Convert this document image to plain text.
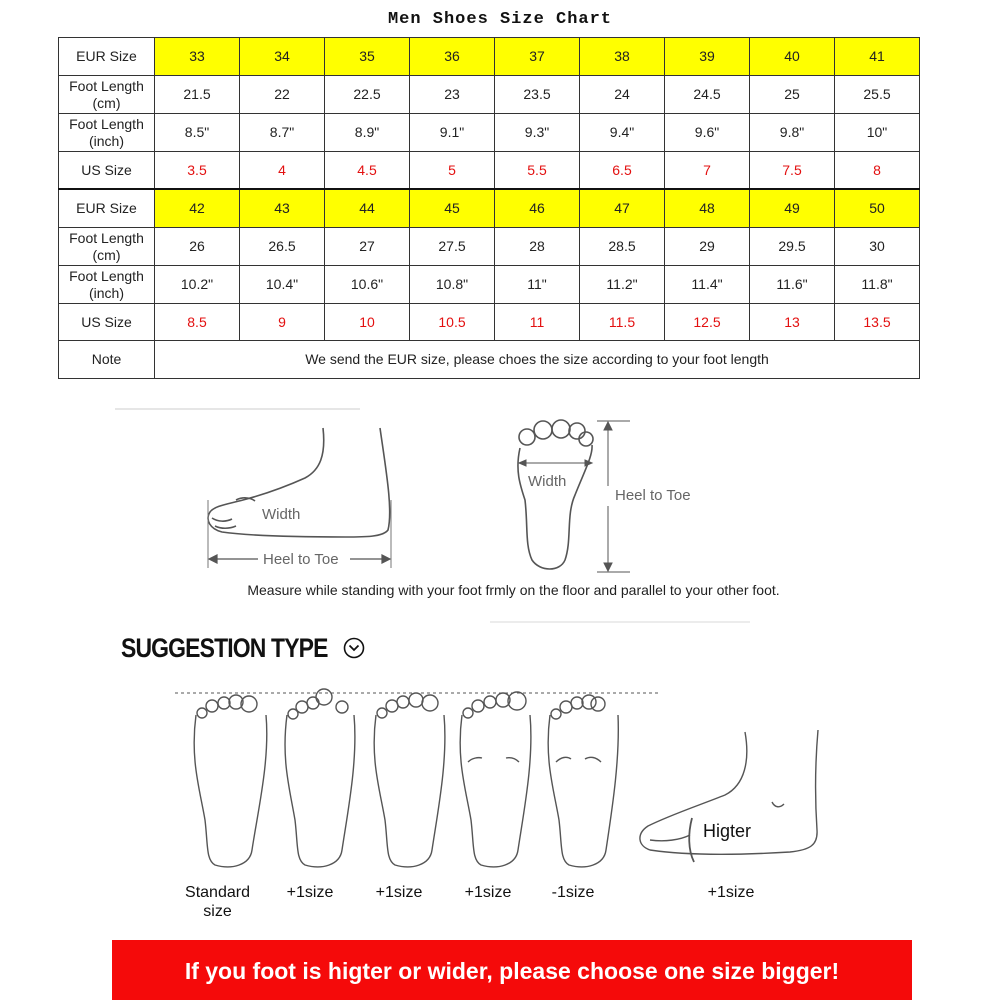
Men Shoes Size Chart
EUR Size	33	34	35	36	37	38	39	40	41

Foot Length
(cm)	21.5	22	22.5	23	23.5	24	24.5	25	25.5

Foot Length
(inch)	8.5"	8.7"	8.9"	9.1"	9.3"	9.4"	9.6"	9.8"	10"
US Size	3.5	4	4.5	5	5.5	6.5	7	7.5	8
EUR Size	42	43	44	45	46	47	48	49	50

Foot Length
(cm)	26	26.5	27	27.5	28	28.5	29	29.5	30

Foot Length
(inch)	10.2"	10.4"	10.6"	10.8"	11"	11.2"	11.4"	11.6"	11.8"
US Size	8.5	9	10	10.5	11	11.5	12.5	13	13.5
Note	We send the EUR size, please choes the size according to your foot length								
Width
Heel to Toe
Width
Heel to Toe
Measure while standing with your foot frmly on the floor and parallel to your other foot.
SUGGESTION TYPE
Higter
Standard
size
+1size	+1size	+1size	-1size	+1size
If you foot is higter or wider, please choose one size bigger!
